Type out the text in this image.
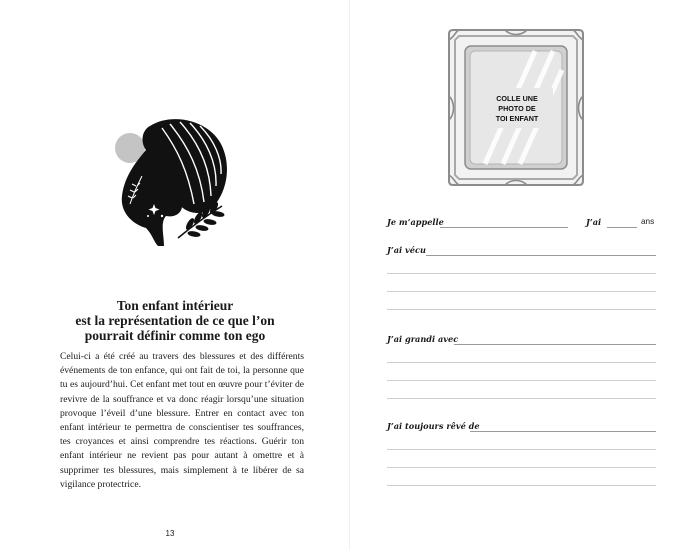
Ton enfant intérieur
est la représentation de ce que l’on
pourrait définir comme ton ego
Celui-ci a été créé au travers des blessures et des différents événements de ton enfance, qui ont fait de toi, la personne que tu es aujourd’hui. Cet enfant met tout en œuvre pour t’éviter de revivre de la souffrance et va donc réagir lorsqu’une situation provoque l’éveil d’une blessure. Entrer en contact avec ton enfant intérieur te permettra de conscientiser tes souffrances, tes croyances et ainsi comprendre tes réactions. Guérir ton enfant intérieur ne revient pas pour autant à omettre et à supprimer tes blessures, mais simplement à te libérer de sa vigilance protectrice.
13
COLLE UNE
PHOTO DE
TOI ENFANT
Je m’appelle	J’ai	ans
J’ai vécu
J’ai grandi avec
J’ai toujours rêvé de
